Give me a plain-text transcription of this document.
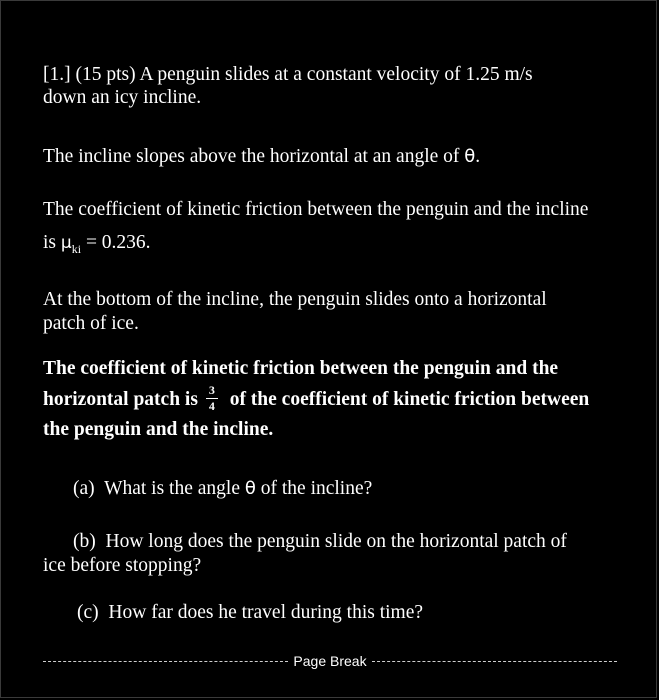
[1.] (15 pts) A penguin slides at a constant velocity of 1.25 m/s

down an icy incline.

The incline slopes above the horizontal at an angle of θ.

The coefficient of kinetic friction between the penguin and the incline

is $\mu_{ki} = 0.236$.

At the bottom of the incline, the penguin slides onto a horizontal

patch of ice.

The coefficient of kinetic friction between the penguin and the

horizontal patch is $\frac{3}{4}$ of the coefficient of kinetic friction between

the penguin and the incline.

(a) What is the angle θ of the incline?

(b) How long does the penguin slide on the horizontal patch of

ice before stopping?

(c) How far does he travel during this time?

Page Break
